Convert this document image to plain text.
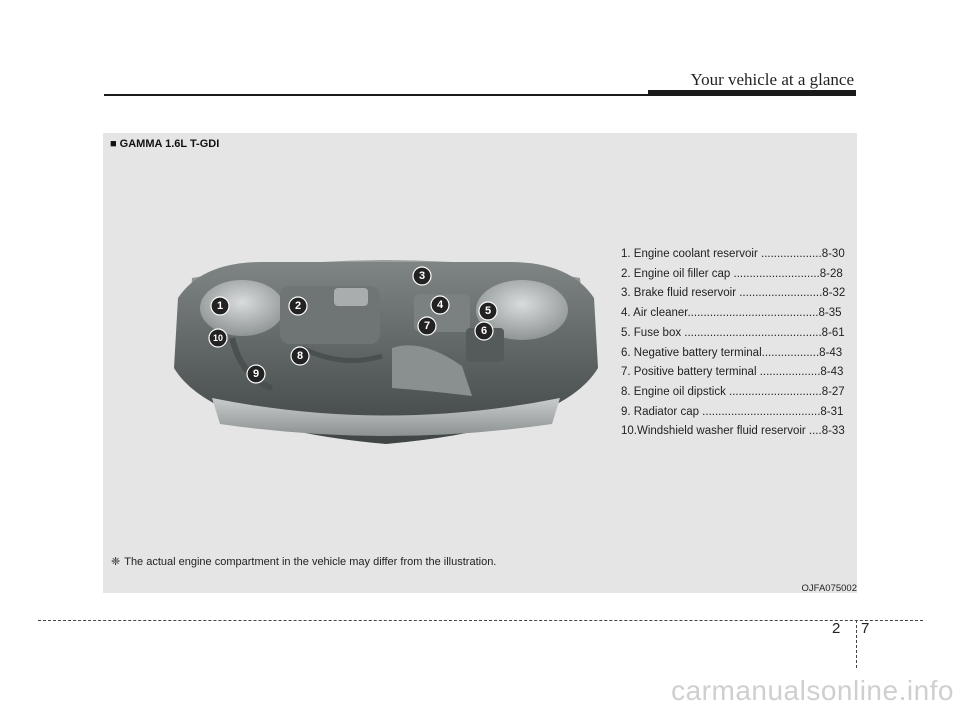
Your vehicle at a glance
■ GAMMA 1.6L T-GDI
1	2
3
4	5
6
7
8
9
10
1. Engine coolant reservoir ...................8-30
2. Engine oil filler cap ...........................8-28
3. Brake fluid reservoir ..........................8-32
4. Air cleaner.........................................8-35
5. Fuse box ...........................................8-61
6. Negative battery terminal..................8-43
7. Positive battery terminal ...................8-43
8. Engine oil dipstick .............................8-27
9. Radiator cap .....................................8-31
10.Windshield washer fluid reservoir ....8-33
❈ The actual engine compartment in the vehicle may differ from the illustration.
OJFA075002
2 7
carmanualsonline.info
